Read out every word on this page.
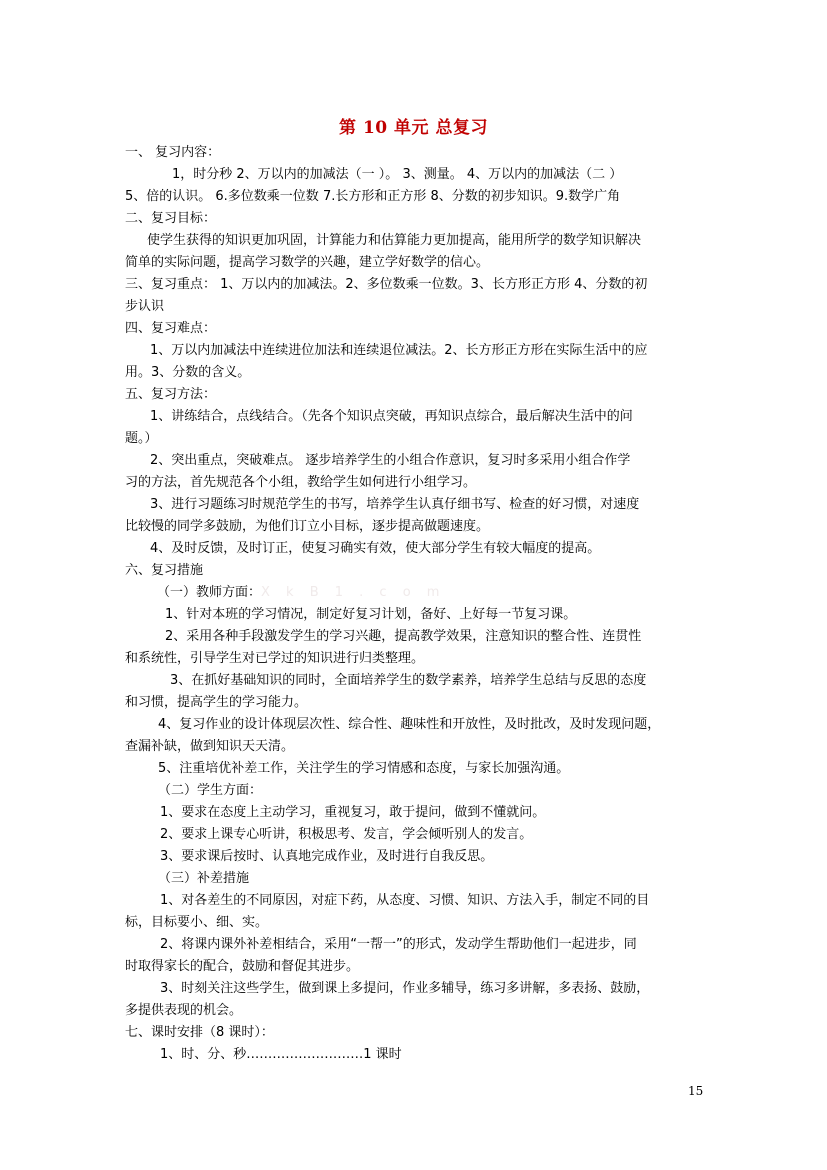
第 10 单元 总复习
一、 复习内容：
1，时分秒 2、万以内的加减法（一 ）。 3、测量。 4、万以内的加减法（二 ）
5、倍的认识。 6.多位数乘一位数 7.长方形和正方形 8、分数的初步知识。9.数学广角
二、复习目标：
使学生获得的知识更加巩固，计算能力和估算能力更加提高，能用所学的数学知识解决
简单的实际问题，提高学习数学的兴趣，建立学好数学的信心。
三、复习重点： 1、万以内的加减法。2、多位数乘一位数。3、长方形正方形 4、分数的初
步认识
四、复习难点：
1、万以内加减法中连续进位加法和连续退位减法。2、长方形正方形在实际生活中的应
用。3、分数的含义。
五、复习方法：
1、讲练结合，点线结合。（先各个知识点突破，再知识点综合，最后解决生活中的问
题。）
2、突出重点，突破难点。 逐步培养学生的小组合作意识，复习时多采用小组合作学
习的方法，首先规范各个小组，教给学生如何进行小组学习。
3、进行习题练习时规范学生的书写，培养学生认真仔细书写、检查的好习惯，对速度
比较慢的同学多鼓励，为他们订立小目标，逐步提高做题速度。
4、及时反馈，及时订正，使复习确实有效，使大部分学生有较大幅度的提高。
六、复习措施
（一）教师方面：X k B 1 . c o m
1、针对本班的学习情况，制定好复习计划，备好、上好每一节复习课。
2、采用各种手段激发学生的学习兴趣，提高教学效果，注意知识的整合性、连贯性
和系统性，引导学生对已学过的知识进行归类整理。
3、在抓好基础知识的同时，全面培养学生的数学素养，培养学生总结与反思的态度
和习惯，提高学生的学习能力。
4、复习作业的设计体现层次性、综合性、趣味性和开放性，及时批改，及时发现问题，
查漏补缺，做到知识天天清。
5、注重培优补差工作，关注学生的学习情感和态度，与家长加强沟通。
（二）学生方面：
1、要求在态度上主动学习，重视复习，敢于提问，做到不懂就问。
2、要求上课专心听讲，积极思考、发言，学会倾听别人的发言。
3、要求课后按时、认真地完成作业，及时进行自我反思。
（三）补差措施
1、对各差生的不同原因，对症下药，从态度、习惯、知识、方法入手，制定不同的目
标，目标要小、细、实。
2、将课内课外补差相结合，采用“一帮一”的形式，发动学生帮助他们一起进步，同
时取得家长的配合，鼓励和督促其进步。
3、时刻关注这些学生，做到课上多提问，作业多辅导，练习多讲解，多表扬、鼓励，
多提供表现的机会。
七、课时安排（8 课时）：
1、时、分、秒………………………1 课时
15
